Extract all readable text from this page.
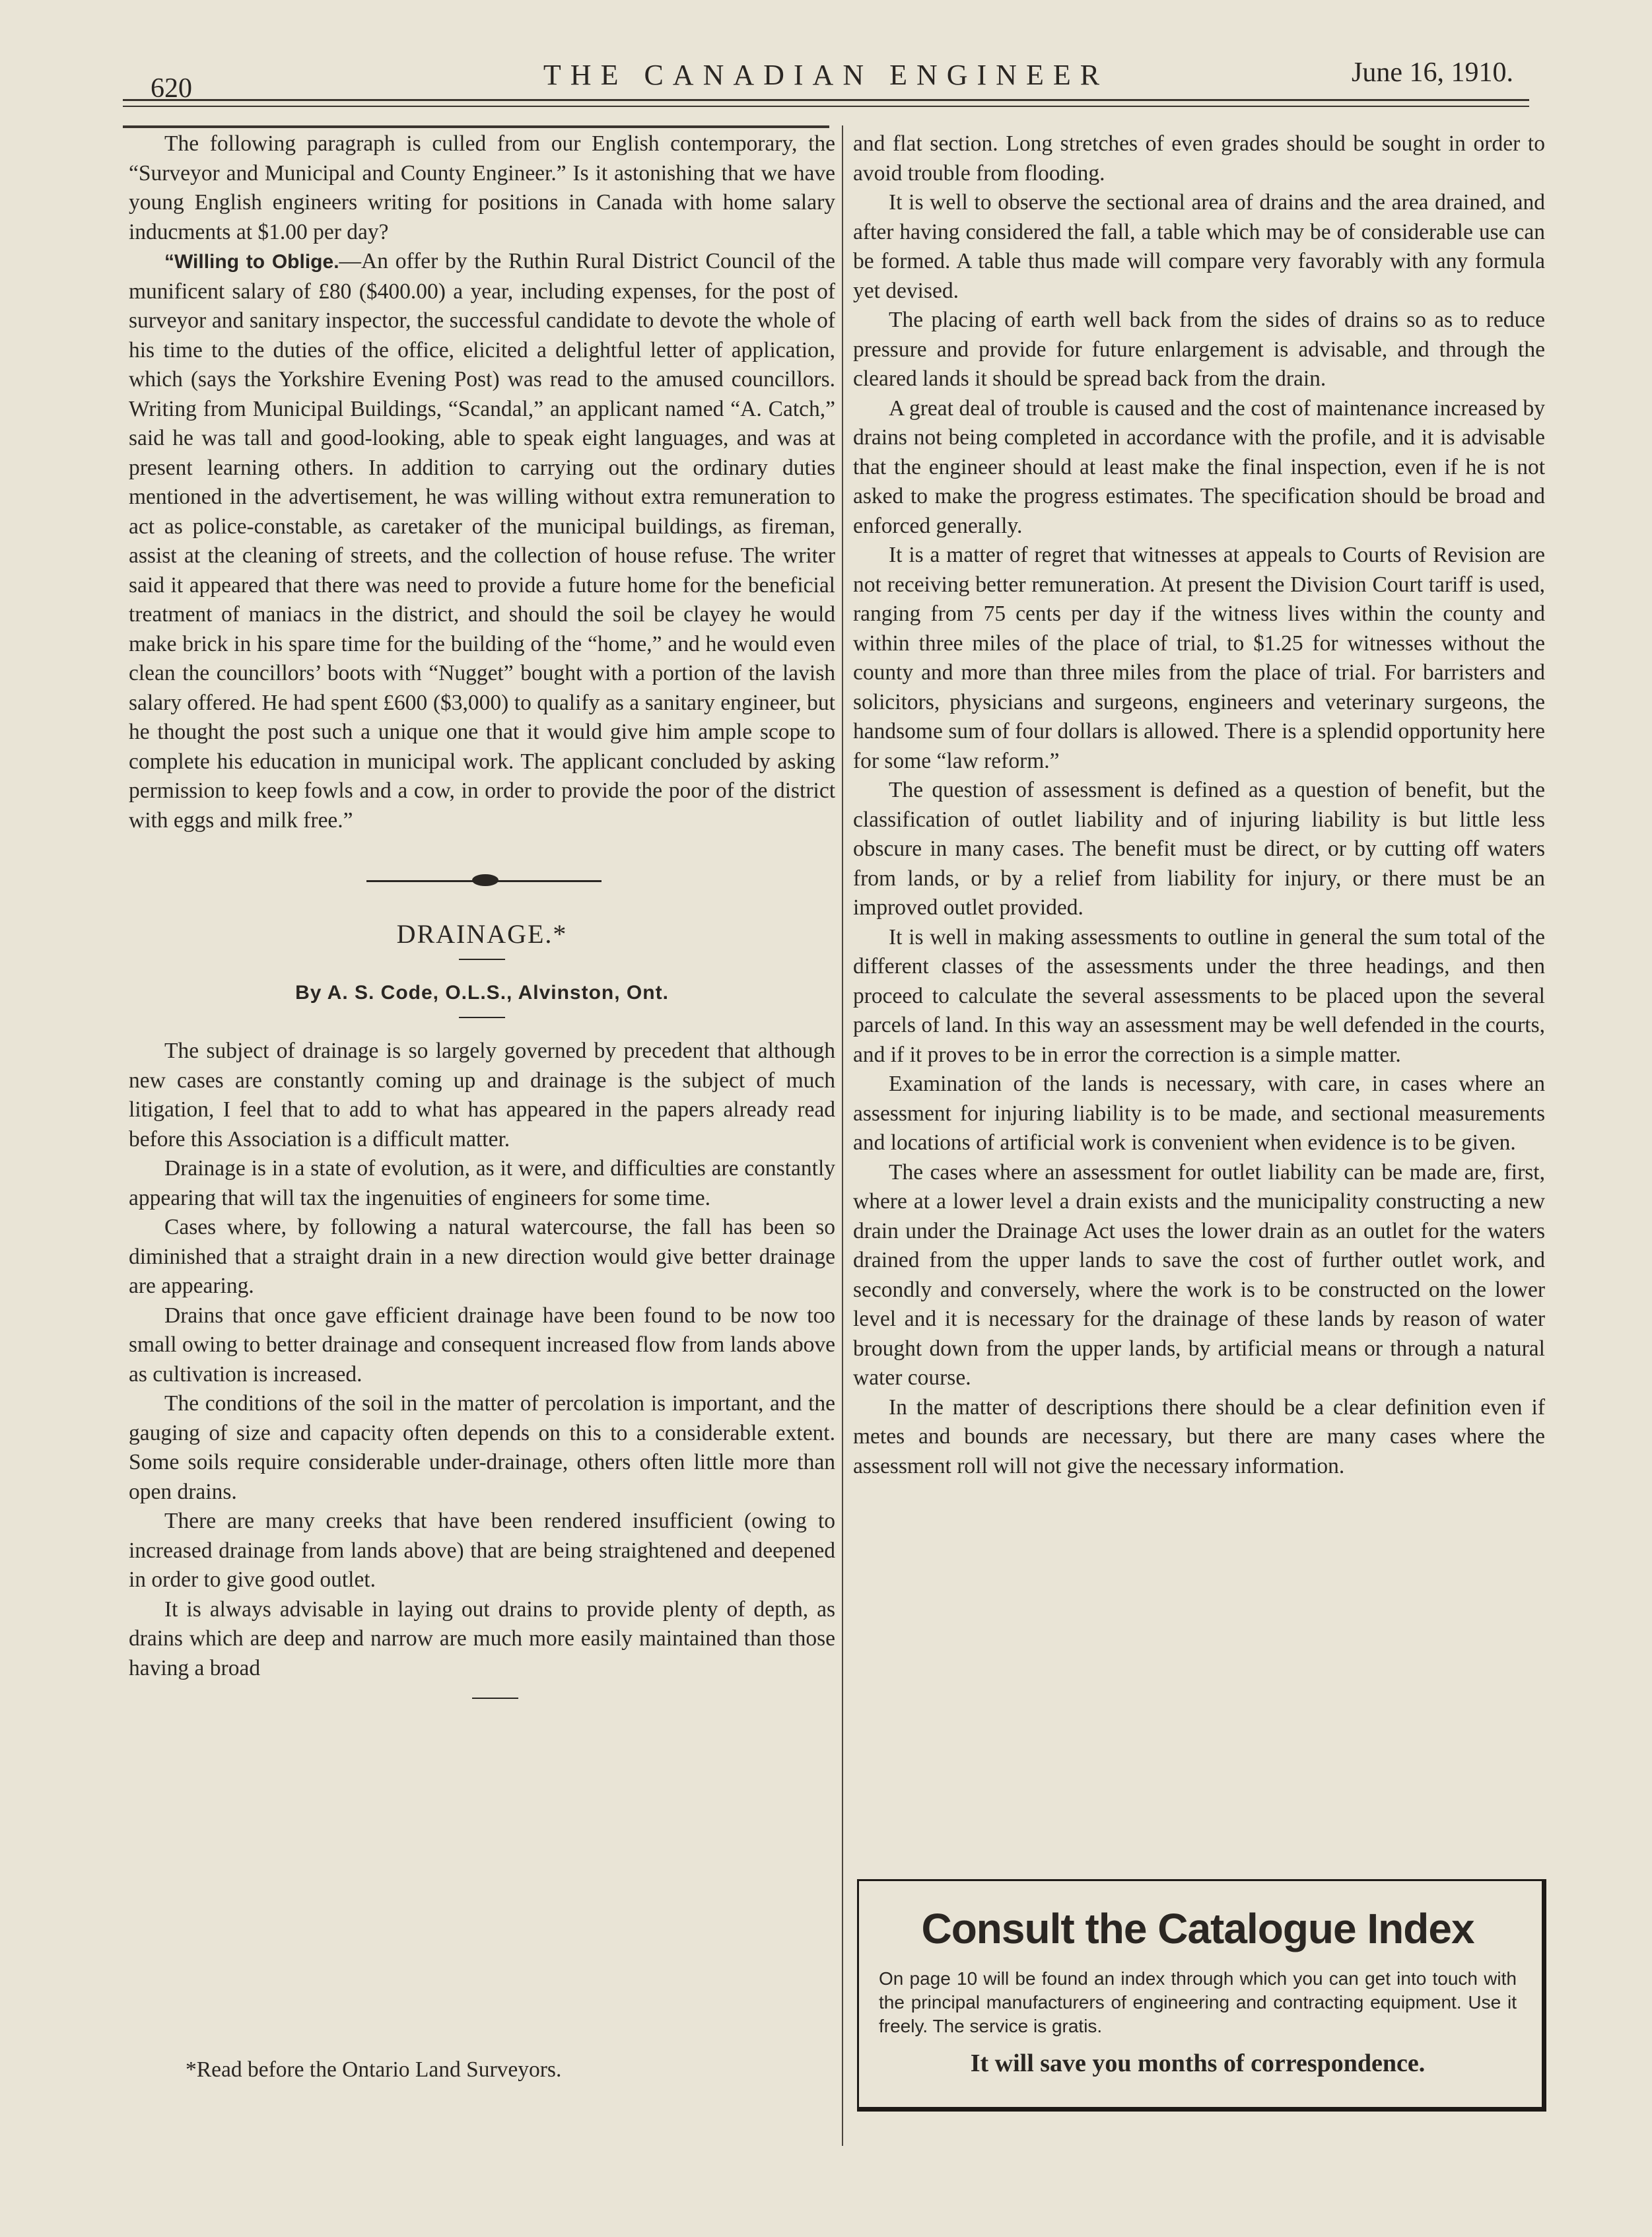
620	THE CANADIAN ENGINEER	June 16, 1910.

The following paragraph is culled from our English contemporary, the “Surveyor and Municipal and County Engineer.” Is it astonishing that we have young English engineers writing for positions in Canada with home salary inducments at $1.00 per day?

“Willing to Oblige.—An offer by the Ruthin Rural District Council of the munificent salary of £80 ($400.00) a year, including expenses, for the post of surveyor and sanitary inspector, the successful candidate to devote the whole of his time to the duties of the office, elicited a delightful letter of application, which (says the Yorkshire Evening Post) was read to the amused councillors. Writing from Municipal Buildings, “Scandal,” an applicant named “A. Catch,” said he was tall and good-looking, able to speak eight languages, and was at present learning others. In addition to carrying out the ordinary duties mentioned in the advertisement, he was willing without extra remuneration to act as police-constable, as caretaker of the municipal buildings, as fireman, assist at the cleaning of streets, and the collection of house refuse. The writer said it appeared that there was need to provide a future home for the beneficial treatment of maniacs in the district, and should the soil be clayey he would make brick in his spare time for the building of the “home,” and he would even clean the councillors’ boots with “Nugget” bought with a portion of the lavish salary offered. He had spent £600 ($3,000) to qualify as a sanitary engineer, but he thought the post such a unique one that it would give him ample scope to complete his education in municipal work. The applicant concluded by asking permission to keep fowls and a cow, in order to provide the poor of the district with eggs and milk free.”

DRAINAGE.*
By A. S. Code, O.L.S., Alvinston, Ont.

The subject of drainage is so largely governed by precedent that although new cases are constantly coming up and drainage is the subject of much litigation, I feel that to add to what has appeared in the papers already read before this Association is a difficult matter.

Drainage is in a state of evolution, as it were, and difficulties are constantly appearing that will tax the ingenuities of engineers for some time.

Cases where, by following a natural watercourse, the fall has been so diminished that a straight drain in a new direction would give better drainage are appearing.

Drains that once gave efficient drainage have been found to be now too small owing to better drainage and consequent increased flow from lands above as cultivation is increased.

The conditions of the soil in the matter of percolation is important, and the gauging of size and capacity often depends on this to a considerable extent. Some soils require considerable under-drainage, others often little more than open drains.

There are many creeks that have been rendered insufficient (owing to increased drainage from lands above) that are being straightened and deepened in order to give good outlet.

It is always advisable in laying out drains to provide plenty of depth, as drains which are deep and narrow are much more easily maintained than those having a broad

*Read before the Ontario Land Surveyors.

and flat section. Long stretches of even grades should be sought in order to avoid trouble from flooding.

It is well to observe the sectional area of drains and the area drained, and after having considered the fall, a table which may be of considerable use can be formed. A table thus made will compare very favorably with any formula yet devised.

The placing of earth well back from the sides of drains so as to reduce pressure and provide for future enlargement is advisable, and through the cleared lands it should be spread back from the drain.

A great deal of trouble is caused and the cost of maintenance increased by drains not being completed in accordance with the profile, and it is advisable that the engineer should at least make the final inspection, even if he is not asked to make the progress estimates. The specification should be broad and enforced generally.

It is a matter of regret that witnesses at appeals to Courts of Revision are not receiving better remuneration. At present the Division Court tariff is used, ranging from 75 cents per day if the witness lives within the county and within three miles of the place of trial, to $1.25 for witnesses without the county and more than three miles from the place of trial. For barristers and solicitors, physicians and surgeons, engineers and veterinary surgeons, the handsome sum of four dollars is allowed. There is a splendid opportunity here for some “law reform.”

The question of assessment is defined as a question of benefit, but the classification of outlet liability and of injuring liability is but little less obscure in many cases. The benefit must be direct, or by cutting off waters from lands, or by a relief from liability for injury, or there must be an improved outlet provided.

It is well in making assessments to outline in general the sum total of the different classes of the assessments under the three headings, and then proceed to calculate the several assessments to be placed upon the several parcels of land. In this way an assessment may be well defended in the courts, and if it proves to be in error the correction is a simple matter.

Examination of the lands is necessary, with care, in cases where an assessment for injuring liability is to be made, and sectional measurements and locations of artificial work is convenient when evidence is to be given.

The cases where an assessment for outlet liability can be made are, first, where at a lower level a drain exists and the municipality constructing a new drain under the Drainage Act uses the lower drain as an outlet for the waters drained from the upper lands to save the cost of further outlet work, and secondly and conversely, where the work is to be constructed on the lower level and it is necessary for the drainage of these lands by reason of water brought down from the upper lands, by artificial means or through a natural water course.

In the matter of descriptions there should be a clear definition even if metes and bounds are necessary, but there are many cases where the assessment roll will not give the necessary information.

Consult the Catalogue Index
On page 10 will be found an index through which you can get into touch with the principal manufacturers of engineering and contracting equipment. Use it freely. The service is gratis.
It will save you months of correspondence.
